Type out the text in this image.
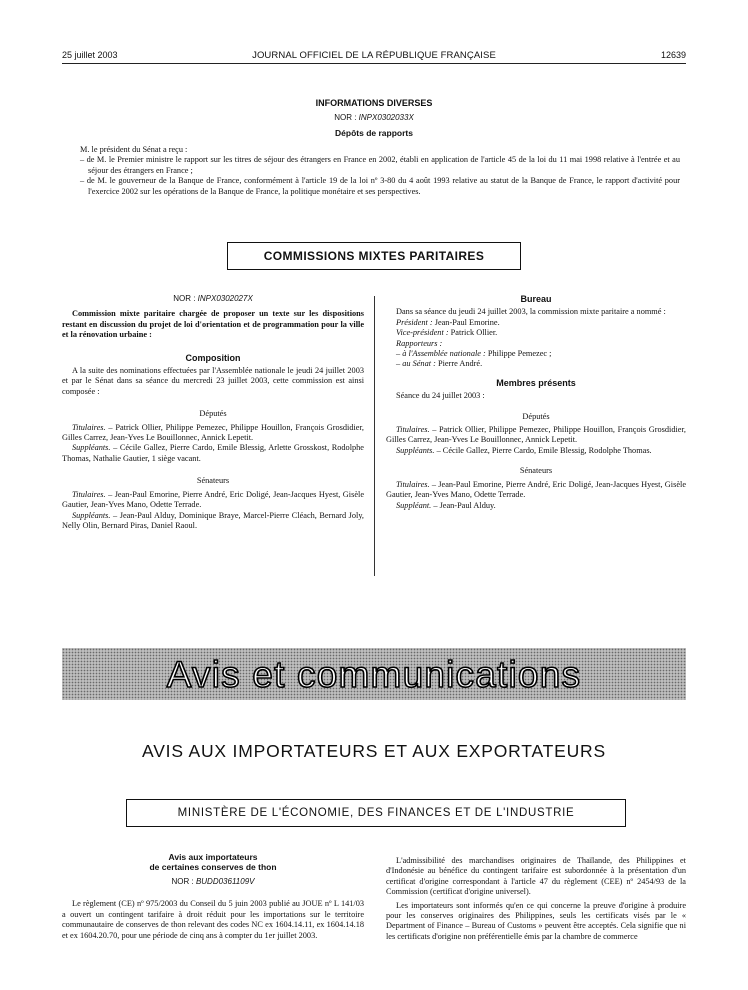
25 juillet 2003	JOURNAL OFFICIEL DE LA RÉPUBLIQUE FRANÇAISE	12639
INFORMATIONS DIVERSES
NOR : INPX0302033X
Dépôts de rapports

M. le président du Sénat a reçu :

– de M. le Premier ministre le rapport sur les titres de séjour des étrangers en France en 2002, établi en application de l'article 45 de la loi du 11 mai 1998 relative à l'entrée et au séjour des étrangers en France ;

– de M. le gouverneur de la Banque de France, conformément à l'article 19 de la loi nº 3-80 du 4 août 1993 relative au statut de la Banque de France, le rapport d'activité pour l'exercice 2002 sur les opérations de la Banque de France, la politique monétaire et ses perspectives.

COMMISSIONS MIXTES PARITAIRES

NOR : INPX0302027X

Commission mixte paritaire chargée de proposer un texte sur les dispositions restant en discussion du projet de loi d'orientation et de programmation pour la ville et la rénovation urbaine :

Composition

A la suite des nominations effectuées par l'Assemblée nationale le jeudi 24 juillet 2003 et par le Sénat dans sa séance du mercredi 23 juillet 2003, cette commission est ainsi composée :

Députés

Titulaires. – Patrick Ollier, Philippe Pemezec, Philippe Houillon, François Grosdidier, Gilles Carrez, Jean-Yves Le Bouillonnec, Annick Lepetit.

Suppléants. – Cécile Gallez, Pierre Cardo, Emile Blessig, Arlette Grosskost, Rodolphe Thomas, Nathalie Gautier, 1 siège vacant.

Sénateurs

Titulaires. – Jean-Paul Emorine, Pierre André, Eric Doligé, Jean-Jacques Hyest, Gisèle Gautier, Jean-Yves Mano, Odette Terrade.

Suppléants. – Jean-Paul Alduy, Dominique Braye, Marcel-Pierre Cléach, Bernard Joly, Nelly Olin, Bernard Piras, Daniel Raoul.

Bureau

Dans sa séance du jeudi 24 juillet 2003, la commission mixte paritaire a nommé :

Président : Jean-Paul Emorine.

Vice-président : Patrick Ollier.

Rapporteurs :

– à l'Assemblée nationale : Philippe Pemezec ;

– au Sénat : Pierre André.

Membres présents

Séance du 24 juillet 2003 :

Députés

Titulaires. – Patrick Ollier, Philippe Pemezec, Philippe Houillon, François Grosdidier, Gilles Carrez, Jean-Yves Le Bouillonnec, Annick Lepetit.

Suppléants. – Cécile Gallez, Pierre Cardo, Emile Blessig, Rodolphe Thomas.

Sénateurs

Titulaires. – Jean-Paul Emorine, Pierre André, Eric Doligé, Jean-Jacques Hyest, Gisèle Gautier, Jean-Yves Mano, Odette Terrade.

Suppléant. – Jean-Paul Alduy.

Avis et communications
AVIS AUX IMPORTATEURS ET AUX EXPORTATEURS
MINISTÈRE DE L'ÉCONOMIE, DES FINANCES ET DE L'INDUSTRIE
Avis aux importateurs
de certaines conserves de thon
NOR : BUDD0361109V

Le règlement (CE) nº 975/2003 du Conseil du 5 juin 2003 publié au JOUE nº L 141/03 a ouvert un contingent tarifaire à droit réduit pour les importations sur le territoire communautaire de conserves de thon relevant des codes NC ex 1604.14.11, ex 1604.14.18 et ex 1604.20.70, pour une période de cinq ans à compter du 1er juillet 2003.

L'admissibilité des marchandises originaires de Thaïlande, des Philippines et d'Indonésie au bénéfice du contingent tarifaire est subordonnée à la présentation d'un certificat d'origine correspondant à l'article 47 du règlement (CEE) nº 2454/93 de la Commission (certificat d'origine universel).

Les importateurs sont informés qu'en ce qui concerne la preuve d'origine à produire pour les conserves originaires des Philippines, seuls les certificats visés par le « Department of Finance – Bureau of Customs » peuvent être acceptés. Cela signifie que ni les certificats d'origine non préférentielle émis par la chambre de commerce
